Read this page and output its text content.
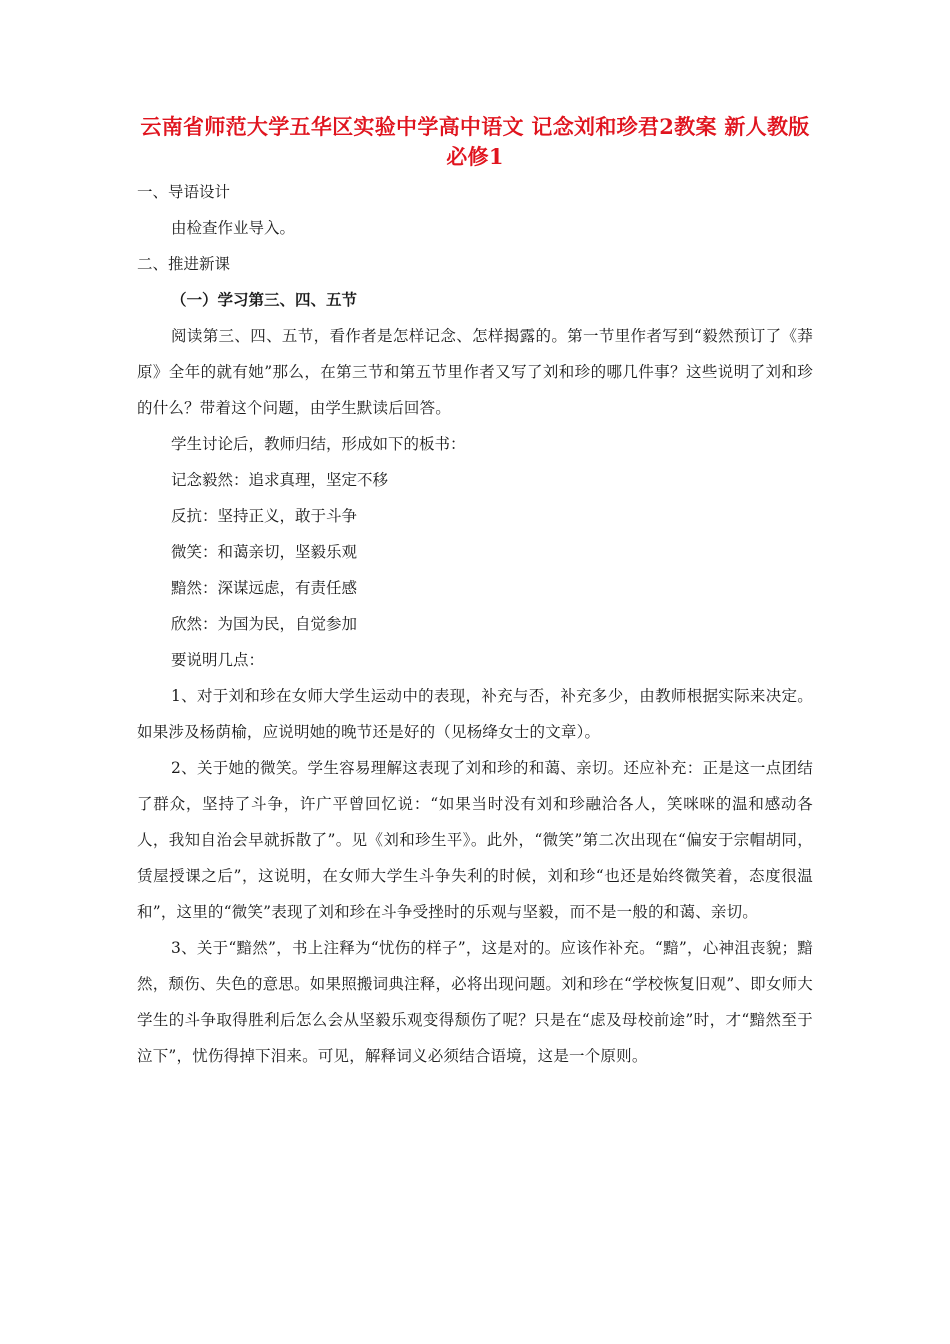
云南省师范大学五华区实验中学高中语文 记念刘和珍君2教案 新人教版必修1

一、导语设计

由检查作业导入。

二、推进新课

（一）学习第三、四、五节

阅读第三、四、五节，看作者是怎样记念、怎样揭露的。第一节里作者写到“毅然预订了《莽原》全年的就有她”那么，在第三节和第五节里作者又写了刘和珍的哪几件事？这些说明了刘和珍的什么？带着这个问题，由学生默读后回答。

学生讨论后，教师归结，形成如下的板书：

记念毅然：追求真理，坚定不移

反抗：坚持正义，敢于斗争

微笑：和蔼亲切，坚毅乐观

黯然：深谋远虑，有责任感

欣然：为国为民，自觉参加

要说明几点：

1、对于刘和珍在女师大学生运动中的表现，补充与否，补充多少，由教师根据实际来决定。如果涉及杨荫榆，应说明她的晚节还是好的（见杨绛女士的文章）。

2、关于她的微笑。学生容易理解这表现了刘和珍的和蔼、亲切。还应补充：正是这一点团结了群众，坚持了斗争，许广平曾回忆说：“如果当时没有刘和珍融洽各人，笑咪咪的温和感动各人，我知自治会早就拆散了”。见《刘和珍生平》。此外，“微笑”第二次出现在“偏安于宗帽胡同，赁屋授课之后”，这说明，在女师大学生斗争失利的时候，刘和珍“也还是始终微笑着，态度很温和”，这里的“微笑”表现了刘和珍在斗争受挫时的乐观与坚毅，而不是一般的和蔼、亲切。

3、关于“黯然”，书上注释为“忧伤的样子”，这是对的。应该作补充。“黯”，心神沮丧貌；黯然，颓伤、失色的意思。如果照搬词典注释，必将出现问题。刘和珍在“学校恢复旧观”、即女师大学生的斗争取得胜利后怎么会从坚毅乐观变得颓伤了呢？只是在“虑及母校前途”时，才“黯然至于泣下”，忧伤得掉下泪来。可见，解释词义必须结合语境，这是一个原则。
